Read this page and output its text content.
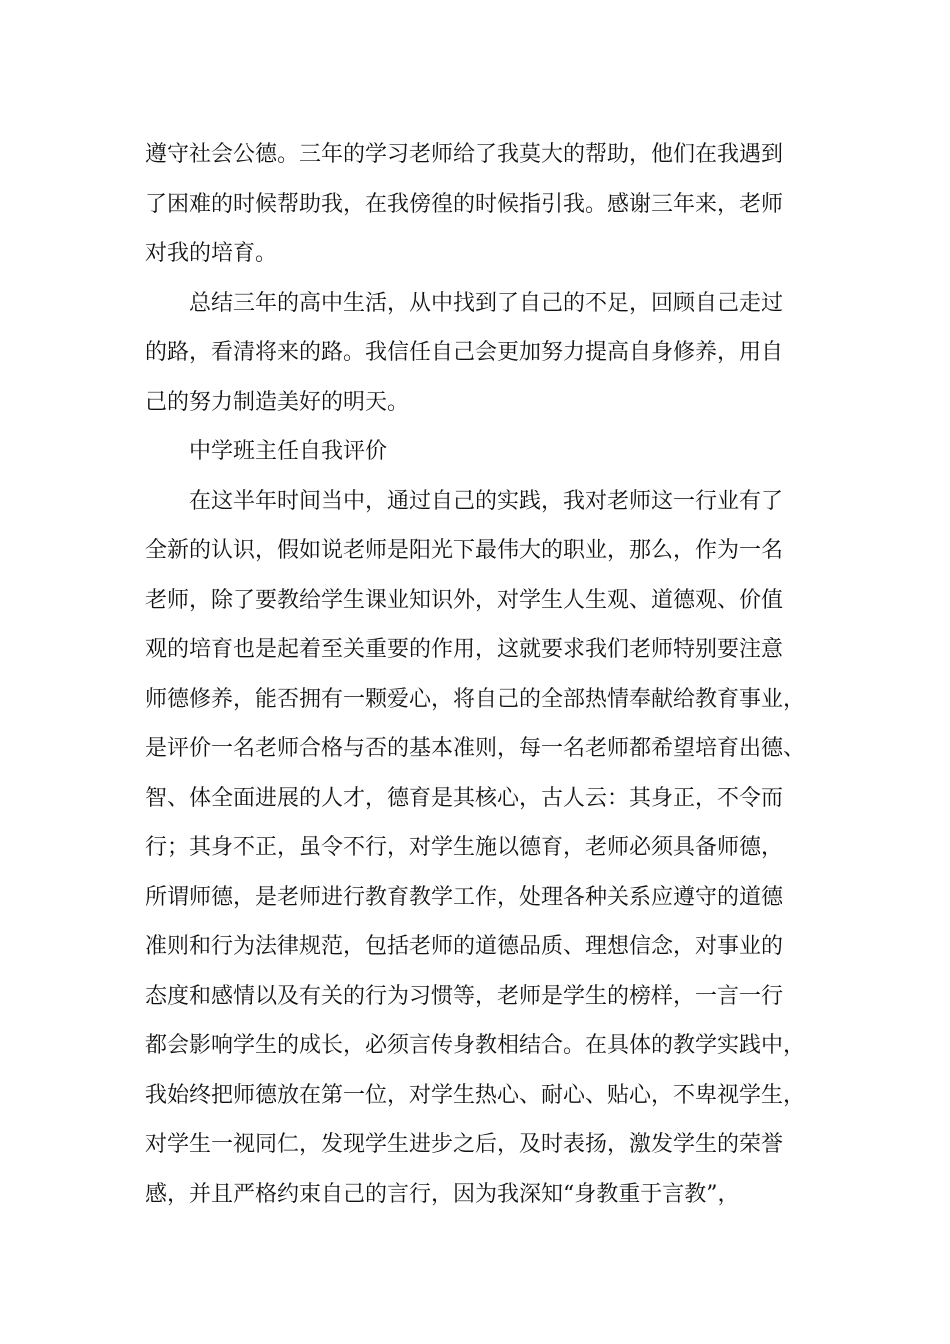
遵守社会公德。三年的学习老师给了我莫大的帮助，他们在我遇到
了困难的时候帮助我，在我傍徨的时候指引我。感谢三年来，老师
对我的培育。
总结三年的高中生活，从中找到了自己的不足，回顾自己走过
的路，看清将来的路。我信任自己会更加努力提高自身修养，用自
己的努力制造美好的明天。
中学班主任自我评价
在这半年时间当中，通过自己的实践，我对老师这一行业有了
全新的认识，假如说老师是阳光下最伟大的职业，那么，作为一名
老师，除了要教给学生课业知识外，对学生人生观、道德观、价值
观的培育也是起着至关重要的作用，这就要求我们老师特别要注意
师德修养，能否拥有一颗爱心，将自己的全部热情奉献给教育事业，
是评价一名老师合格与否的基本准则，每一名老师都希望培育出德、
智、体全面进展的人才，德育是其核心，古人云：其身正，不令而
行；其身不正，虽令不行，对学生施以德育，老师必须具备师德，
所谓师德，是老师进行教育教学工作，处理各种关系应遵守的道德
准则和行为法律规范，包括老师的道德品质、理想信念，对事业的
态度和感情以及有关的行为习惯等，老师是学生的榜样，一言一行
都会影响学生的成长，必须言传身教相结合。在具体的教学实践中，
我始终把师德放在第一位，对学生热心、耐心、贴心，不卑视学生，
对学生一视同仁，发现学生进步之后，及时表扬，激发学生的荣誉
感，并且严格约束自己的言行，因为我深知“身教重于言教”，
